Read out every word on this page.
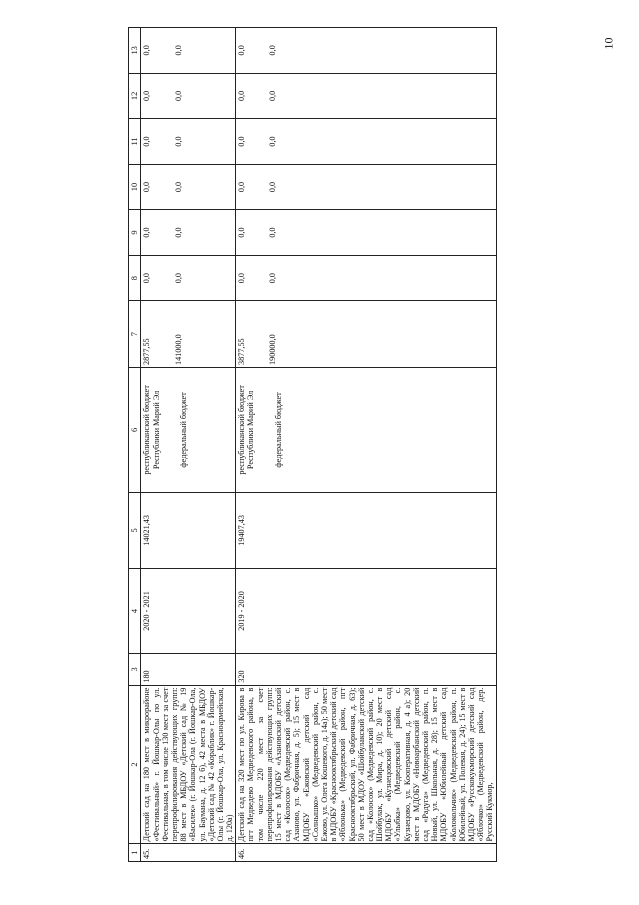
10
1	2	3	4	5	6	7	8	9	10	11	12	13
45.	Детский сад на 180 мест в микрорайоне «Фестивальный» г. Йошкар-Олы по ул. Фестивальная, в том числе 130 мест за счет перепрофилирования действующих групп: 88 мест в МБДОУ «Детский сад № 19 «Василек» (г. Йошкар-Ола (г. Йошкар-Ола, ул. Баумана, д. 12 б), 42 места в МБДОУ «Детский сад № 42 «Кораблик» г. Йошкар-Олы (г. Йошкар-Ола, ул. Красноармейская, д. 120а)	180	2020 - 2021	14021,43	республиканский бюджет Республики Марий Эл федеральный бюджет	2877,55 141000,0	0,0 0,0	0,0 0,0	0,0 0,0	0,0 0,0	0,0 0,0	0,0 0,0

46.	Детский сад на 320 мест по ул. Кирова в пгт Медведево Медведевского района, в том числе 220 мест за счет перепрофилирования действующих групп: 15 мест в МДОБУ «Азановский детский сад «Колосок» (Медведевский район, с. Азаново, ул. Фабричная, д. 5); 15 мест в МДОБУ «Ежовский детский сад «Солнышко» (Медведевский район, с. Ежово, ул. Олега Кошевого, д. 14а); 50 мест в МДОБУ «Краснооктябрьский детский сад «Яблонька» (Медведевский район, пгт Краснооктябрьский, ул. Фабричная, д. 63); 50 мест в МДОУ «Шойбулакский детский сад «Колосок» (Медведевский район, с. Шойбулак, ул. Мира, д. 10); 20 мест в МДОБУ «Кузнецовский детский сад «Улыбка» (Медведевский район, с. Кузнецово, ул. Кооперативная, д. 4 а); 20 мест в МДОБУ «Новоарбанский детский сад «Радуга» (Медведевский район, п. Новый, ул. Школьная, д. 28); 15 мест в МДОБУ «Юбилейный детский сад «Колокольчик» (Медведевский район, п. Юбилейный, ул. Полевая, д. 24); 15 мест в МДОБУ «Русскокукморский детский сад «Яблочко» (Медведевский район, дер. Русский Кукмор,	320	2019 - 2020	19407,43	республиканский бюджет Республики Марий Эл федеральный бюджет	3877,55 190000,0	0,0 0,0	0,0 0,0	0,0 0,0	0,0 0,0	0,0 0,0	0,0 0,0
